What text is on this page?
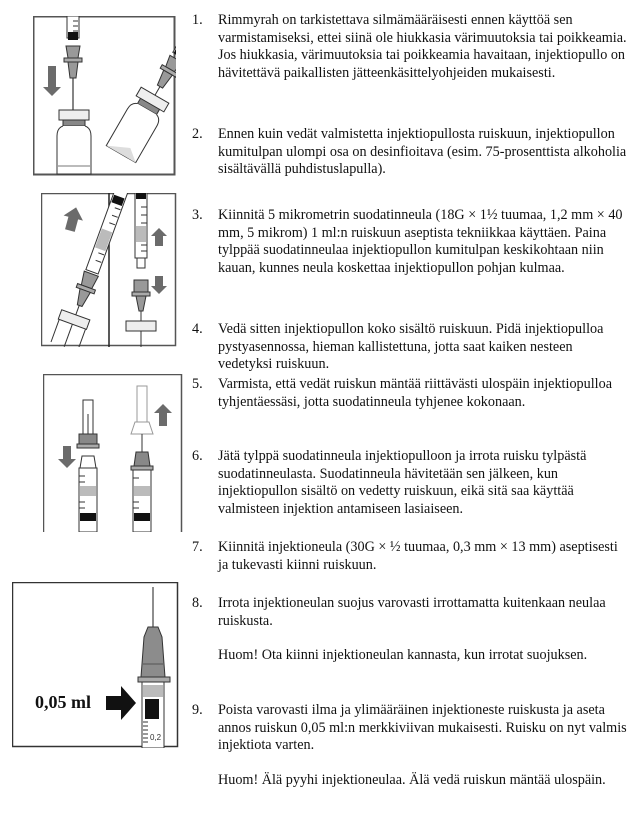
0,2
0,05 ml
1.	Rimmyrah on tarkistettava silmämääräisesti ennen käyttöä sen varmistamiseksi, ettei siinä ole hiukkasia värimuutoksia tai poikkeamia. Jos hiukkasia, värimuutoksia tai poikkeamia havaitaan, injektiopullo on hävitettävä paikallisten jätteenkäsittelyohjeiden mukaisesti.
2.	Ennen kuin vedät valmistetta injektiopullosta ruiskuun, injektiopullon kumitulpan ulompi osa on desinfioitava (esim. 75-prosenttista alkoholia sisältävällä puhdistuslapulla).
3.	Kiinnitä 5 mikrometrin suodatinneula (18G × 1½ tuumaa, 1,2 mm × 40 mm, 5 mikrom) 1 ml:n ruiskuun aseptista tekniikkaa käyttäen. Paina tylppää suodatinneulaa injektiopullon kumitulpan keskikohtaan niin kauan, kunnes neula koskettaa injektiopullon pohjan kulmaa.
4.	Vedä sitten injektiopullon koko sisältö ruiskuun. Pidä injektiopulloa pystyasennossa, hieman kallistettuna, jotta saat kaiken nesteen vedetyksi ruiskuun.
5.	Varmista, että vedät ruiskun mäntää riittävästi ulospäin injektiopulloa tyhjentäessäsi, jotta suodatinneula tyhjenee kokonaan.
6.	Jätä tylppä suodatinneula injektiopulloon ja irrota ruisku tylpästä suodatinneulasta. Suodatinneula hävitetään sen jälkeen, kun injektiopullon sisältö on vedetty ruiskuun, eikä sitä saa käyttää valmisteen injektion antamiseen lasiaiseen.
7.	Kiinnitä injektioneula (30G × ½ tuumaa, 0,3 mm × 13 mm) aseptisesti ja tukevasti kiinni ruiskuun.
8.	Irrota injektioneulan suojus varovasti irrottamatta kuitenkaan neulaa ruiskusta.
Huom! Ota kiinni injektioneulan kannasta, kun irrotat suojuksen.
9.	Poista varovasti ilma ja ylimääräinen injektioneste ruiskusta ja aseta annos ruiskun 0,05 ml:n merkkiviivan mukaisesti. Ruisku on nyt valmis injektiota varten.
Huom! Älä pyyhi injektioneulaa. Älä vedä ruiskun mäntää ulospäin.
